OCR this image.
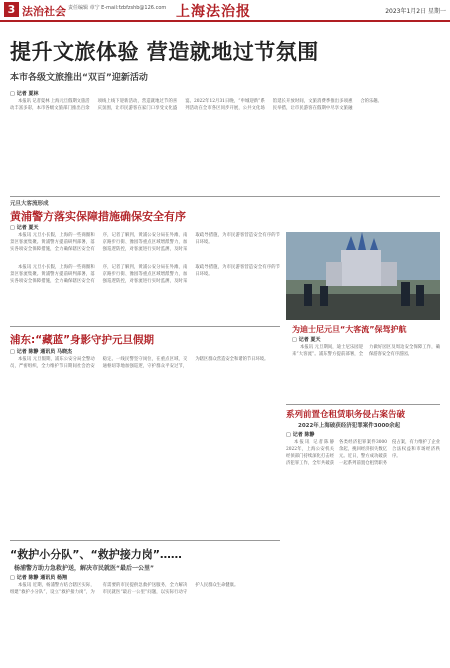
3 法治社会 责任编辑 章宁 E-mail:fzbfzshb@126.com 上海法治报	2023年1月2日 星期一
提升文旅体验 营造就地过节氛围
本市各级文旅推出“双百”迎新活动
□ 记者 夏林

本报讯 记者夏林 上海元旦假期文旅活动丰富多彩，本市各级文旅部门推出百余项线上线下迎新活动，营造就地过节的喜庆氛围，让市民游客在家门口享受文化盛宴。2022年12月31日晚，“申城迎新”系列活动在全市各区同步开展，公共文化场馆延长开放时间，文旅消费季推出多项惠民举措，让市民游客在假期中尽享文旅融合的乐趣。

元旦大客流形成
黄浦警方落实保障措施确保安全有序
□ 记者 夏天

本报讯 元旦小长假，上海的一些商圈和景区客流集聚。黄浦警方提前研判部署，落实各项安全保障措施，全力确保辖区安全有序，记者了解到，黄浦公安分局在外滩、南京路步行街、豫园等重点区域增派警力，加强巡逻防控，对客流进行实时监测，及时采取疏导措施，为市民游客营造安全有序的节日环境。

本报讯 元旦小长假，上海的一些商圈和景区客流集聚。黄浦警方提前研判部署，落实各项安全保障措施，全力确保辖区安全有序，记者了解到，黄浦公安分局在外滩、南京路步行街、豫园等重点区域增派警力，加强巡逻防控，对客流进行实时监测，及时采取疏导措施，为市民游客营造安全有序的节日环境。

为迪士尼元旦“大客流”保驾护航
□ 记者 夏天

本报讯 元旦期间，迪士尼乐园迎来“大客流”。浦东警方提前部署，全力做好园区及周边安全保障工作，确保游客安全有序游园。

浦东:“藏蓝”身影守护元旦假期
□ 记者 陈静 通讯员 马晓杰

本报讯 元旦假期，浦东公安分局全警动员，严密组织，全力维护节日期间社会治安稳定。一线民警坚守岗位，在重点区域、交通枢纽等地加强巡逻，守护群众平安过节，为辖区群众营造安全和谐的节日环境。

系列前置仓租赁职务侵占案告破
2022年上海破获经济犯罪案件3000余起
□ 记者 陈静

本报讯 记者陈静 2022年，上海公安机关经侦部门持续深化打击经济犯罪工作，全年共破获各类经济犯罪案件3000余起，挽回经济损失数亿元。近日，警方成功破获一起系列前置仓租赁职务侵占案，有力维护了企业合法权益和市场经济秩序。

“救护小分队”、“救护接力岗”……
杨浦警方助力急救护送，解决市民就医“最后一公里”
□ 记者 陈静 通讯员 杨翔

本报讯 近期，杨浦警方结合辖区实际，组建“救护小分队”，设立“救护接力岗”，为有需要的市民提供急救护送服务，全力解决市民就医“最后一公里”问题，以实际行动守护人民群众生命健康。
